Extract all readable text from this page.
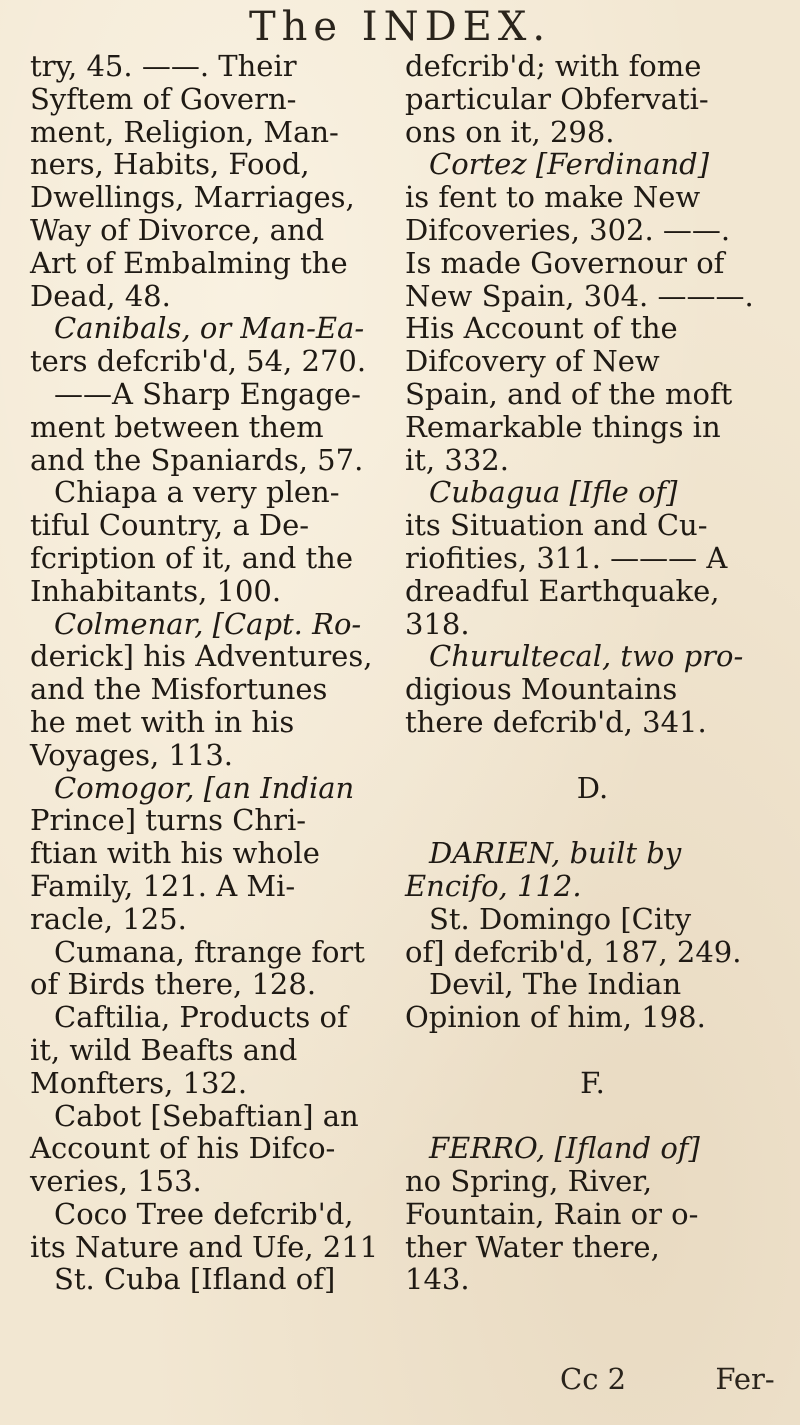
The INDEX.
try, 45. ——. Their
Syftem of Govern-
ment, Religion, Man-
ners, Habits, Food,
Dwellings, Marriages,
Way of Divorce, and
Art of Embalming the
Dead, 48.
Canibals, or Man-Ea-
ters defcrib'd, 54, 270.
——A Sharp Engage-
ment between them
and the Spaniards, 57.
Chiapa a very plen-
tiful Country, a De-
fcription of it, and the
Inhabitants, 100.
Colmenar, [Capt. Ro-
derick] his Adventures,
and the Misfortunes
he met with in his
Voyages, 113.
Comogor, [an Indian
Prince] turns Chri-
ftian with his whole
Family, 121. A Mi-
racle, 125.
Cumana, ftrange fort
of Birds there, 128.
Caftilia, Products of
it, wild Beafts and
Monfters, 132.
Cabot [Sebaftian] an
Account of his Difco-
veries, 153.
Coco Tree defcrib'd,
its Nature and Ufe, 211
St. Cuba [Ifland of]
defcrib'd; with fome
particular Obfervati-
ons on it, 298.
Cortez [Ferdinand]
is fent to make New
Difcoveries, 302. ——.
Is made Governour of
New Spain, 304. ———.
His Account of the
Difcovery of New
Spain, and of the moft
Remarkable things in
it, 332.
Cubagua [Ifle of]
its Situation and Cu-
riofities, 311. ——— A
dreadful Earthquake,
318.
Churultecal, two pro-
digious Mountains
there defcrib'd, 341.
D.
DARIEN, built by
Encifo, 112.
St. Domingo [City
of] defcrib'd, 187, 249.
Devil, The Indian
Opinion of him, 198.
F.
FERRO, [Ifland of]
no Spring, River,
Fountain, Rain or o-
ther Water there,
143.
Cc 2	Fer-
